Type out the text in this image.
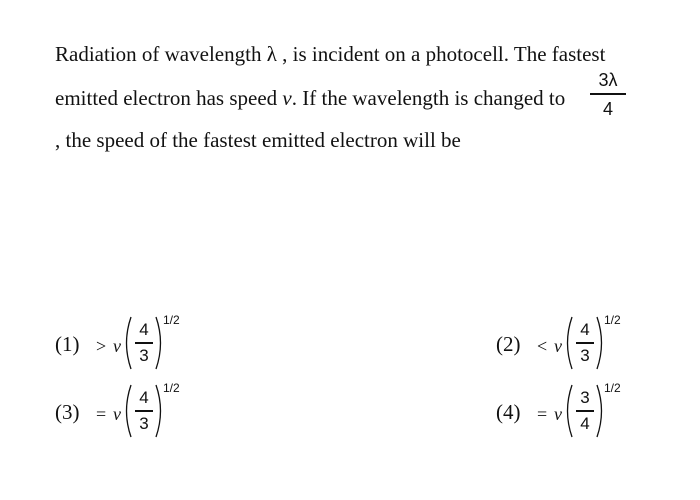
Radiation of wavelength λ , is incident on a photocell. The fastest
emitted electron has speed v. If the wavelength is changed to
3λ
4
, the speed of the fastest emitted electron will be
(1) > v
4
3
1/2
(2) < v
4
3
1/2
(3) = v
4
3
1/2
(4) = v
3
4
1/2
